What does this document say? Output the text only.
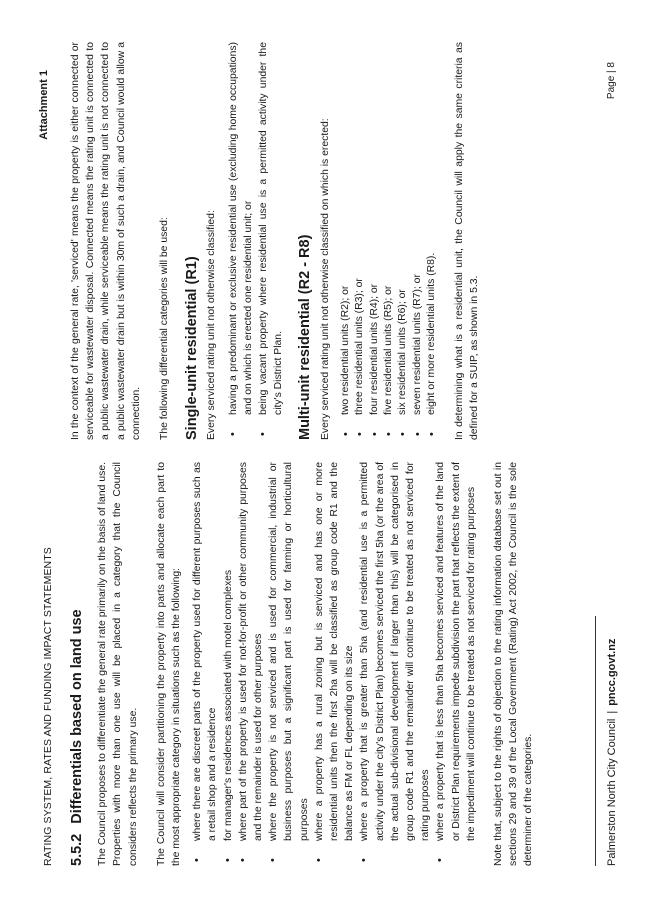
RATING SYSTEM, RATES AND FUNDING IMPACT STATEMENTS
Attachment 1
5.5.2Differentials based on land use The Council proposes to differentiate the general rate primarily on the basis of land use. Properties with more than one use will be placed in a category that the Council considers reflects the primary use. The Council will consider partitioning the property into parts and allocate each part to the most appropriate category in situations such as the following: • where there are discreet parts of the property used for different purposes such as a retail shop and a residence • for manager's residences associated with motel complexes • where part of the property is used for not-for-profit or other community purposes and the remainder is used for other purposes • where the property is not serviced and is used for commercial, industrial or business purposes but a significant part is used for farming or horticultural purposes • where a property has a rural zoning but is serviced and has one or more residential units then the first 2ha will be classified as group code R1 and the balance as FM or FL depending on its size • where a property that is greater than 5ha (and residential use is a permitted activity under the city's District Plan) becomes serviced the first 5ha (or the area of the actual sub-divisional development if larger than this) will be categorised in group code R1 and the remainder will continue to be treated as not serviced for rating purposes • where a property that is less than 5ha becomes serviced and features of the land or District Plan requirements impede subdivision the part that reflects the extent of the impediment will continue to be treated as not serviced for rating purposes Note that, subject to the rights of objection to the rating information database set out in sections 29 and 39 of the Local Government (Rating) Act 2002, the Council is the sole determiner of the categories.

In the context of the general rate, 'serviced' means the property is either connected or serviceable for wastewater disposal. Connected means the rating unit is connected to a public wastewater drain, while serviceable means the rating unit is not connected to a public wastewater drain but is within 30m of such a drain, and Council would allow a connection. The following differential categories will be used: Single-unit residential (R1) Every serviced rating unit not otherwise classified: • having a predominant or exclusive residential use (excluding home occupations) and on which is erected one residential unit; or • being vacant property where residential use is a permitted activity under the city's District Plan. Multi-unit residential (R2 - R8) Every serviced rating unit not otherwise classified on which is erected: • two residential units (R2); or • three residential units (R3); or • four residential units (R4); or • five residential units (R5); or • six residential units (R6); or • seven residential units (R7); or • eight or more residential units (R8). In determining what is a residential unit, the Council will apply the same criteria as defined for a SUIP, as shown in 5.3.

Palmerston North City Council|pncc.govt.nz
Page | 8
